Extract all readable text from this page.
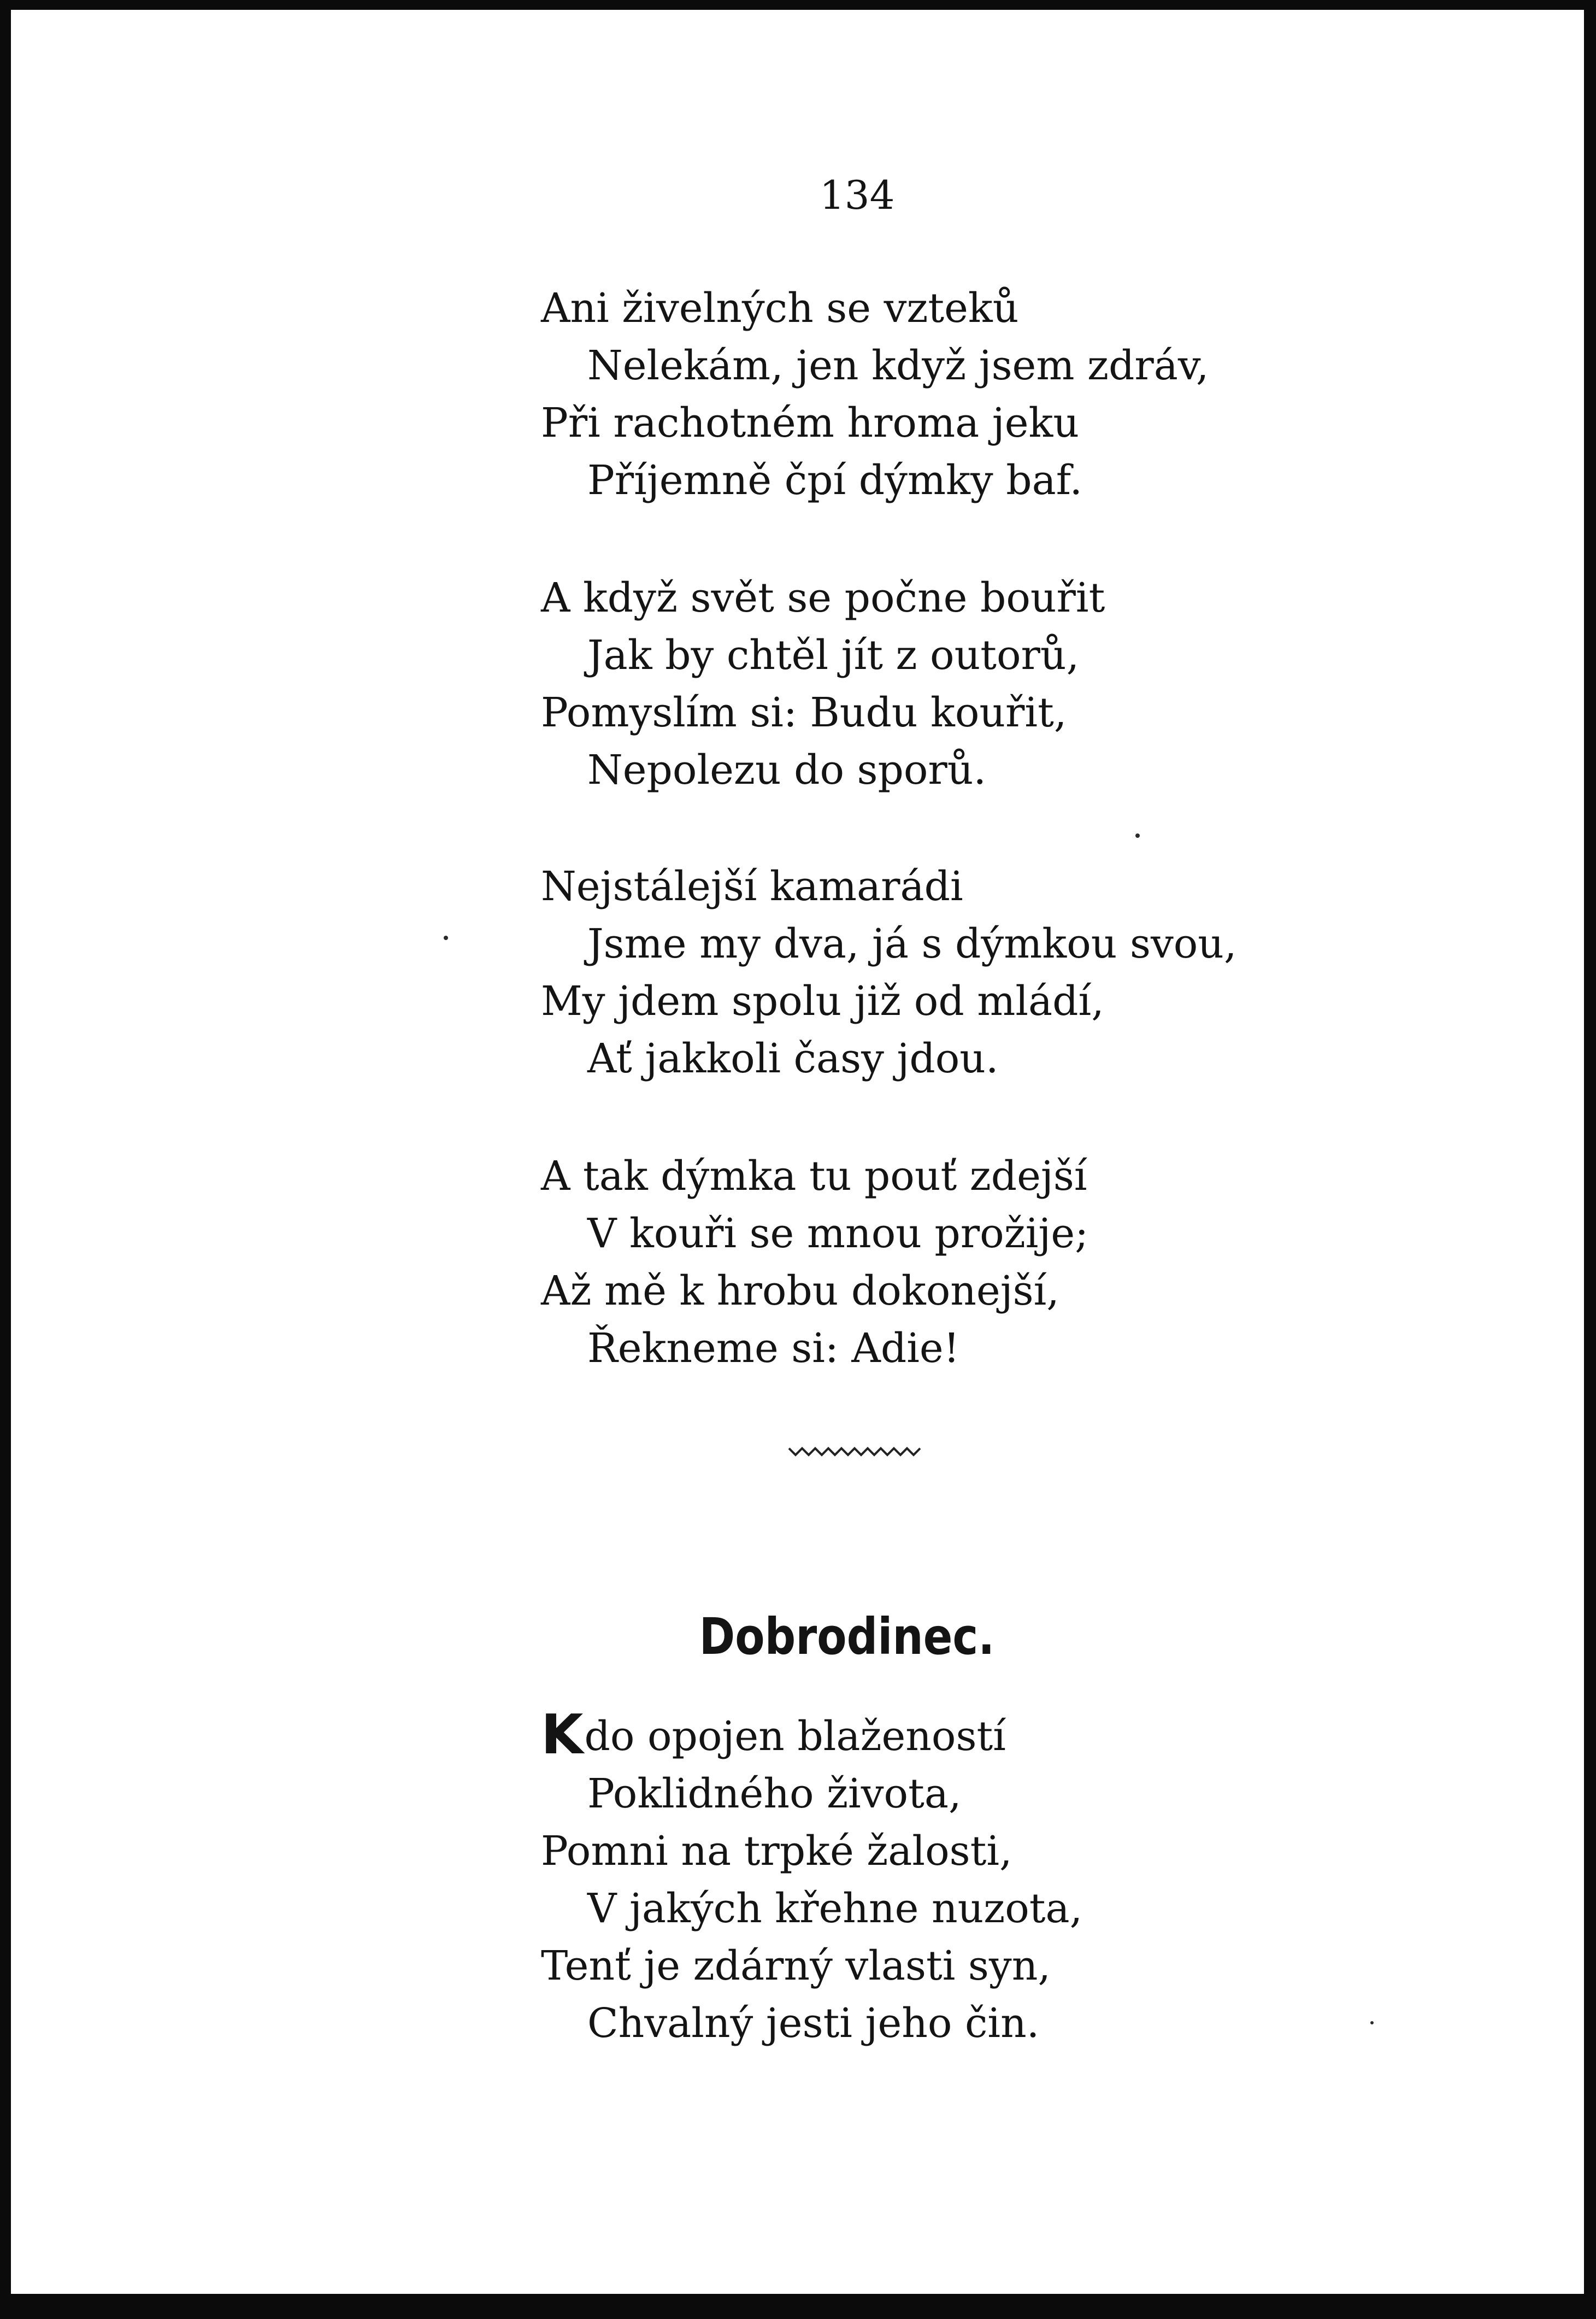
134
Ani živelných se vzteků
Nelekám, jen když jsem zdráv,
Při rachotném hroma jeku
Příjemně čpí dýmky baf.
A když svět se počne bouřit
Jak by chtěl jít z outorů,
Pomyslím si: Budu kouřit,
Nepolezu do sporů.
Nejstálejší kamarádi
Jsme my dva, já s dýmkou svou,
My jdem spolu již od mládí,
Ať jakkoli časy jdou.
A tak dýmka tu pouť zdejší
V kouři se mnou prožije;
Až mě k hrobu dokonejší,
Řekneme si: Adie!
Dobrodinec.
Kdo opojen blažeností
Poklidného života,
Pomni na trpké žalosti,
V jakých křehne nuzota,
Tenť je zdárný vlasti syn,
Chvalný jesti jeho čin.
